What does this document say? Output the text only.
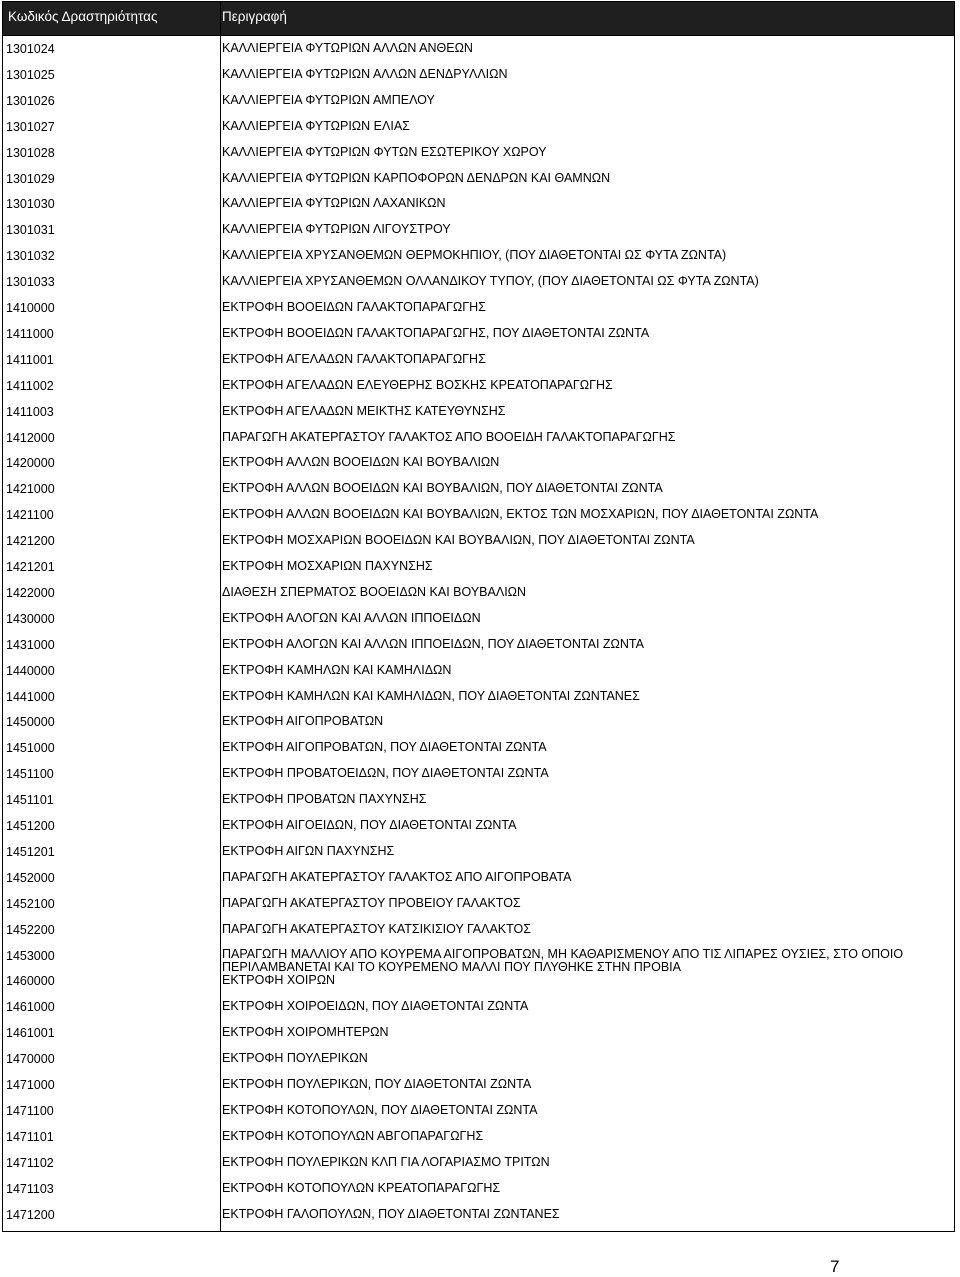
Κωδικός Δραστηριότητας	Περιγραφή
1301024	ΚΑΛΛΙΕΡΓΕΙΑ ΦΥΤΩΡΙΩΝ ΑΛΛΩΝ ΑΝΘΕΩΝ
1301025	ΚΑΛΛΙΕΡΓΕΙΑ ΦΥΤΩΡΙΩΝ ΑΛΛΩΝ ΔΕΝΔΡΥΛΛΙΩΝ
1301026	ΚΑΛΛΙΕΡΓΕΙΑ ΦΥΤΩΡΙΩΝ ΑΜΠΕΛΟΥ
1301027	ΚΑΛΛΙΕΡΓΕΙΑ ΦΥΤΩΡΙΩΝ ΕΛΙΑΣ
1301028	ΚΑΛΛΙΕΡΓΕΙΑ ΦΥΤΩΡΙΩΝ ΦΥΤΩΝ ΕΣΩΤΕΡΙΚΟΥ ΧΩΡΟΥ
1301029	ΚΑΛΛΙΕΡΓΕΙΑ ΦΥΤΩΡΙΩΝ ΚΑΡΠΟΦΟΡΩΝ ΔΕΝΔΡΩΝ ΚΑΙ ΘΑΜΝΩΝ
1301030	ΚΑΛΛΙΕΡΓΕΙΑ ΦΥΤΩΡΙΩΝ ΛΑΧΑΝΙΚΩΝ
1301031	ΚΑΛΛΙΕΡΓΕΙΑ ΦΥΤΩΡΙΩΝ ΛΙΓΟΥΣΤΡΟΥ
1301032	ΚΑΛΛΙΕΡΓΕΙΑ ΧΡΥΣΑΝΘΕΜΩΝ ΘΕΡΜΟΚΗΠΙΟΥ, (ΠΟΥ ΔΙΑΘΕΤΟΝΤΑΙ ΩΣ ΦΥΤΑ ΖΩΝΤΑ)
1301033	ΚΑΛΛΙΕΡΓΕΙΑ ΧΡΥΣΑΝΘΕΜΩΝ ΟΛΛΑΝΔΙΚΟΥ ΤΥΠΟΥ, (ΠΟΥ ΔΙΑΘΕΤΟΝΤΑΙ ΩΣ ΦΥΤΑ ΖΩΝΤΑ)
1410000	ΕΚΤΡΟΦΗ ΒΟΟΕΙΔΩΝ ΓΑΛΑΚΤΟΠΑΡΑΓΩΓΗΣ
1411000	ΕΚΤΡΟΦΗ ΒΟΟΕΙΔΩΝ ΓΑΛΑΚΤΟΠΑΡΑΓΩΓΗΣ, ΠΟΥ ΔΙΑΘΕΤΟΝΤΑΙ ΖΩΝΤΑ
1411001	ΕΚΤΡΟΦΗ ΑΓΕΛΑΔΩΝ ΓΑΛΑΚΤΟΠΑΡΑΓΩΓΗΣ
1411002	ΕΚΤΡΟΦΗ ΑΓΕΛΑΔΩΝ ΕΛΕΥΘΕΡΗΣ ΒΟΣΚΗΣ ΚΡΕΑΤΟΠΑΡΑΓΩΓΗΣ
1411003	ΕΚΤΡΟΦΗ ΑΓΕΛΑΔΩΝ ΜΕΙΚΤΗΣ ΚΑΤΕΥΘΥΝΣΗΣ
1412000	ΠΑΡΑΓΩΓΗ ΑΚΑΤΕΡΓΑΣΤΟΥ ΓΑΛΑΚΤΟΣ ΑΠΟ ΒΟΟΕΙΔΗ ΓΑΛΑΚΤΟΠΑΡΑΓΩΓΗΣ
1420000	ΕΚΤΡΟΦΗ ΑΛΛΩΝ ΒΟΟΕΙΔΩΝ ΚΑΙ ΒΟΥΒΑΛΙΩΝ
1421000	ΕΚΤΡΟΦΗ ΑΛΛΩΝ ΒΟΟΕΙΔΩΝ ΚΑΙ ΒΟΥΒΑΛΙΩΝ, ΠΟΥ ΔΙΑΘΕΤΟΝΤΑΙ ΖΩΝΤΑ
1421100	ΕΚΤΡΟΦΗ ΑΛΛΩΝ ΒΟΟΕΙΔΩΝ ΚΑΙ ΒΟΥΒΑΛΙΩΝ, ΕΚΤΟΣ ΤΩΝ ΜΟΣΧΑΡΙΩΝ, ΠΟΥ ΔΙΑΘΕΤΟΝΤΑΙ ΖΩΝΤΑ
1421200	ΕΚΤΡΟΦΗ ΜΟΣΧΑΡΙΩΝ ΒΟΟΕΙΔΩΝ ΚΑΙ ΒΟΥΒΑΛΙΩΝ, ΠΟΥ ΔΙΑΘΕΤΟΝΤΑΙ ΖΩΝΤΑ
1421201	ΕΚΤΡΟΦΗ ΜΟΣΧΑΡΙΩΝ ΠΑΧΥΝΣΗΣ
1422000	ΔΙΑΘΕΣΗ ΣΠΕΡΜΑΤΟΣ ΒΟΟΕΙΔΩΝ ΚΑΙ ΒΟΥΒΑΛΙΩΝ
1430000	ΕΚΤΡΟΦΗ ΑΛΟΓΩΝ ΚΑΙ ΑΛΛΩΝ ΙΠΠΟΕΙΔΩΝ
1431000	ΕΚΤΡΟΦΗ ΑΛΟΓΩΝ ΚΑΙ ΑΛΛΩΝ ΙΠΠΟΕΙΔΩΝ, ΠΟΥ ΔΙΑΘΕΤΟΝΤΑΙ ΖΩΝΤΑ
1440000	ΕΚΤΡΟΦΗ ΚΑΜΗΛΩΝ ΚΑΙ ΚΑΜΗΛΙΔΩΝ
1441000	ΕΚΤΡΟΦΗ ΚΑΜΗΛΩΝ ΚΑΙ ΚΑΜΗΛΙΔΩΝ, ΠΟΥ ΔΙΑΘΕΤΟΝΤΑΙ ΖΩΝΤΑΝΕΣ
1450000	ΕΚΤΡΟΦΗ ΑΙΓΟΠΡΟΒΑΤΩΝ
1451000	ΕΚΤΡΟΦΗ ΑΙΓΟΠΡΟΒΑΤΩΝ, ΠΟΥ ΔΙΑΘΕΤΟΝΤΑΙ ΖΩΝΤΑ
1451100	ΕΚΤΡΟΦΗ ΠΡΟΒΑΤΟΕΙΔΩΝ, ΠΟΥ ΔΙΑΘΕΤΟΝΤΑΙ ΖΩΝΤΑ
1451101	ΕΚΤΡΟΦΗ ΠΡΟΒΑΤΩΝ ΠΑΧΥΝΣΗΣ
1451200	ΕΚΤΡΟΦΗ ΑΙΓΟΕΙΔΩΝ, ΠΟΥ ΔΙΑΘΕΤΟΝΤΑΙ ΖΩΝΤΑ
1451201	ΕΚΤΡΟΦΗ ΑΙΓΩΝ ΠΑΧΥΝΣΗΣ
1452000	ΠΑΡΑΓΩΓΗ ΑΚΑΤΕΡΓΑΣΤΟΥ ΓΑΛΑΚΤΟΣ ΑΠΟ ΑΙΓΟΠΡΟΒΑΤΑ
1452100	ΠΑΡΑΓΩΓΗ ΑΚΑΤΕΡΓΑΣΤΟΥ ΠΡΟΒΕΙΟΥ ΓΑΛΑΚΤΟΣ
1452200	ΠΑΡΑΓΩΓΗ ΑΚΑΤΕΡΓΑΣΤΟΥ ΚΑΤΣΙΚΙΣΙΟΥ ΓΑΛΑΚΤΟΣ
1453000	ΠΑΡΑΓΩΓΗ ΜΑΛΛΙΟΥ ΑΠΟ ΚΟΥΡΕΜΑ ΑΙΓΟΠΡΟΒΑΤΩΝ, ΜΗ ΚΑΘΑΡΙΣΜΕΝΟΥ ΑΠΟ ΤΙΣ ΛΙΠΑΡΕΣ ΟΥΣΙΕΣ, ΣΤΟ ΟΠΟΙΟ ΠΕΡΙΛΑΜΒΑΝΕΤΑΙ ΚΑΙ ΤΟ ΚΟΥΡΕΜΕΝΟ ΜΑΛΛΙ ΠΟΥ ΠΛΥΘΗΚΕ ΣΤΗΝ ΠΡΟΒΙΑ
1460000	ΕΚΤΡΟΦΗ ΧΟΙΡΩΝ
1461000	ΕΚΤΡΟΦΗ ΧΟΙΡΟΕΙΔΩΝ, ΠΟΥ ΔΙΑΘΕΤΟΝΤΑΙ ΖΩΝΤΑ
1461001	ΕΚΤΡΟΦΗ ΧΟΙΡΟΜΗΤΕΡΩΝ
1470000	ΕΚΤΡΟΦΗ ΠΟΥΛΕΡΙΚΩΝ
1471000	ΕΚΤΡΟΦΗ ΠΟΥΛΕΡΙΚΩΝ, ΠΟΥ ΔΙΑΘΕΤΟΝΤΑΙ ΖΩΝΤΑ
1471100	ΕΚΤΡΟΦΗ ΚΟΤΟΠΟΥΛΩΝ, ΠΟΥ ΔΙΑΘΕΤΟΝΤΑΙ ΖΩΝΤΑ
1471101	ΕΚΤΡΟΦΗ ΚΟΤΟΠΟΥΛΩΝ ΑΒΓΟΠΑΡΑΓΩΓΗΣ
1471102	ΕΚΤΡΟΦΗ ΠΟΥΛΕΡΙΚΩΝ ΚΛΠ ΓΙΑ ΛΟΓΑΡΙΑΣΜΟ ΤΡΙΤΩΝ
1471103	ΕΚΤΡΟΦΗ ΚΟΤΟΠΟΥΛΩΝ ΚΡΕΑΤΟΠΑΡΑΓΩΓΗΣ
1471200	ΕΚΤΡΟΦΗ ΓΑΛΟΠΟΥΛΩΝ, ΠΟΥ ΔΙΑΘΕΤΟΝΤΑΙ ΖΩΝΤΑΝΕΣ
7
